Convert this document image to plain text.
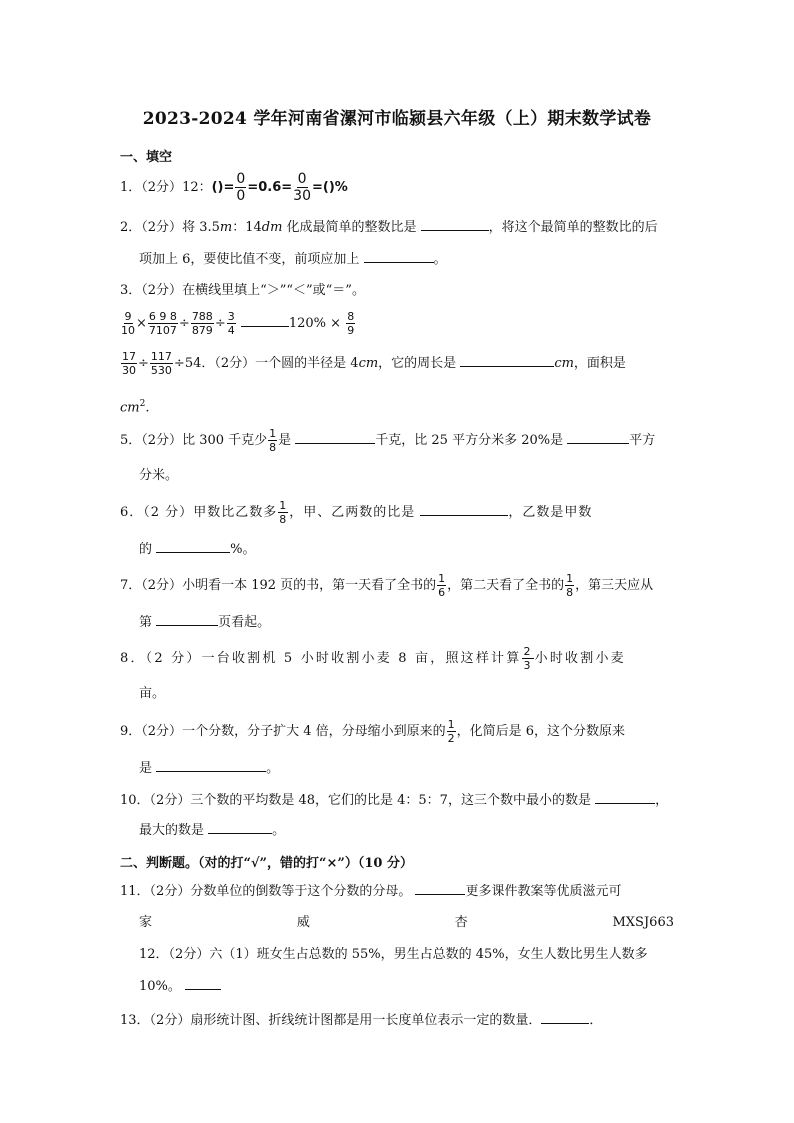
2023-2024 学年河南省漯河市临颍县六年级（上）期末数学试卷
一、填空
1．（2分）12：()= $\frac{0}{0} =0.6= \frac{0}{30}$ =()%
2．（2分）将 3.5m：14dm 化成最简单的整数比是	，将这个最简单的整数比的后
项加上 6，要使比值不变，前项应加上	。
3．（2分）在横线里填上“＞”“＜”或“＝”。
$\frac{9}{10} \times \frac{6 9 8}{7107} \div \frac{788}{879} \div \frac{3}{4}$	$120\% \times \frac{8}{9}$
$\frac{17}{30} \div \frac{117}{530} \div 54$．（2分）一个圆的半径是 4cm，它的周长是	cm，面积是
$cm^2$.
5．（2分）比 300 千克少 $\frac{1}{8}$ 是	千克，比 25 平方分米多 20%是	平方
分米。
6．（2 分）甲数比乙数多 $\frac{1}{8}$ ，甲、乙两数的比是	，乙数是甲数
的	%。
7．（2分）小明看一本 192 页的书，第一天看了全书的 $\frac{1}{6}$ ，第二天看了全书的 $\frac{1}{8}$ ，第三天应从
第	页看起。
8．（2 分）一台收割机 5 小时收割小麦 8 亩，照这样计算 $\frac{2}{3}$ 小时收割小麦
亩。
9．（2分）一个分数，分子扩大 4 倍，分母缩小到原来的 $\frac{1}{2}$ ，化简后是 6，这个分数原来
是	。
10．（2分）三个数的平均数是 48，它们的比是 4：5：7，这三个数中最小的数是	，
最大的数是	。
二、判断题。（对的打“√”，错的打“×”）（10 分）
11．（2分）分数单位的倒数等于这个分数的分母。	更多课件教案等优质滋元可
家	威	杏	MXSJ663
12．（2分）六（1）班女生占总数的 55%，男生占总数的 45%，女生人数比男生人数多
10%。
13．（2分）扇形统计图、折线统计图都是用一长度单位表示一定的数量．	．
